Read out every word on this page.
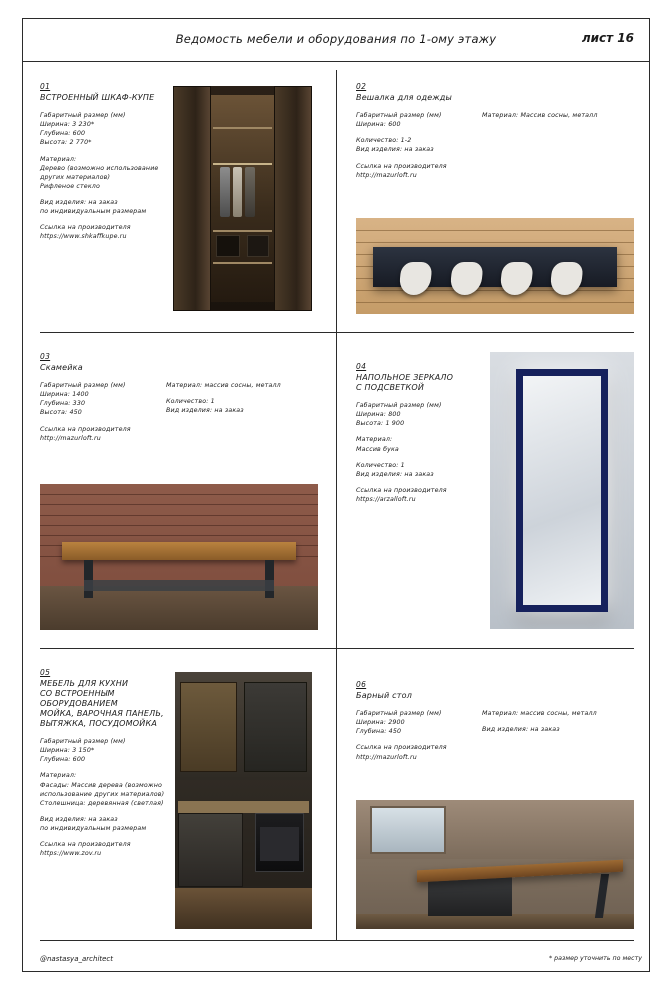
Ведомость мебели и оборудования по 1-ому этажу	лист 16
01
ВСТРОЕННЫЙ ШКАФ-КУПЕ
Габаритный размер (мм)
Ширина: 3 230*
Глубина: 600
Высота: 2 770*
Материал:
Дерево (возможно использование
других материалов)
Рифленое стекло
Вид изделия: на заказ
по индивидуальным размерам
Ссылка на производителя
https://www.shkaffkupe.ru
02
Вешалка для одежды
Габаритный размер (мм)
Ширина: 600
Количество: 1-2
Вид изделия: на заказ
Ссылка на производителя
http://mazurloft.ru
Материал: Массив сосны, металл
03
Скамейка
Габаритный размер (мм)
Ширина: 1400
Глубина: 330
Высота: 450
Ссылка на производителя
http://mazurloft.ru
Материал: массив сосны, металл
Количество: 1
Вид изделия: на заказ
04
НАПОЛЬНОЕ ЗЕРКАЛО
С ПОДСВЕТКОЙ
Габаритный размер (мм)
Ширина: 800
Высота: 1 900
Материал:
Массив бука
Количество: 1
Вид изделия: на заказ
Ссылка на производителя
https://arzalloft.ru
05
МЕБЕЛЬ ДЛЯ КУХНИ
СО ВСТРОЕННЫМ ОБОРУДОВАНИЕМ
МОЙКА, ВАРОЧНАЯ ПАНЕЛЬ,
ВЫТЯЖКА, ПОСУДОМОЙКА
Габаритный размер (мм)
Ширина: 3 150*
Глубина: 600
Материал:
Фасады: Массив дерева (возможно
использование других материалов)
Столешница: деревянная (светлая)
Вид изделия: на заказ
по индивидуальным размерам
Ссылка на производителя
https://www.zov.ru
06
Барный стол
Габаритный размер (мм)
Ширина: 2900
Глубина: 450
Ссылка на производителя
http://mazurloft.ru
Материал: массив сосны, металл
Вид изделия: на заказ
@nastasya_architect	* размер уточнить по месту
